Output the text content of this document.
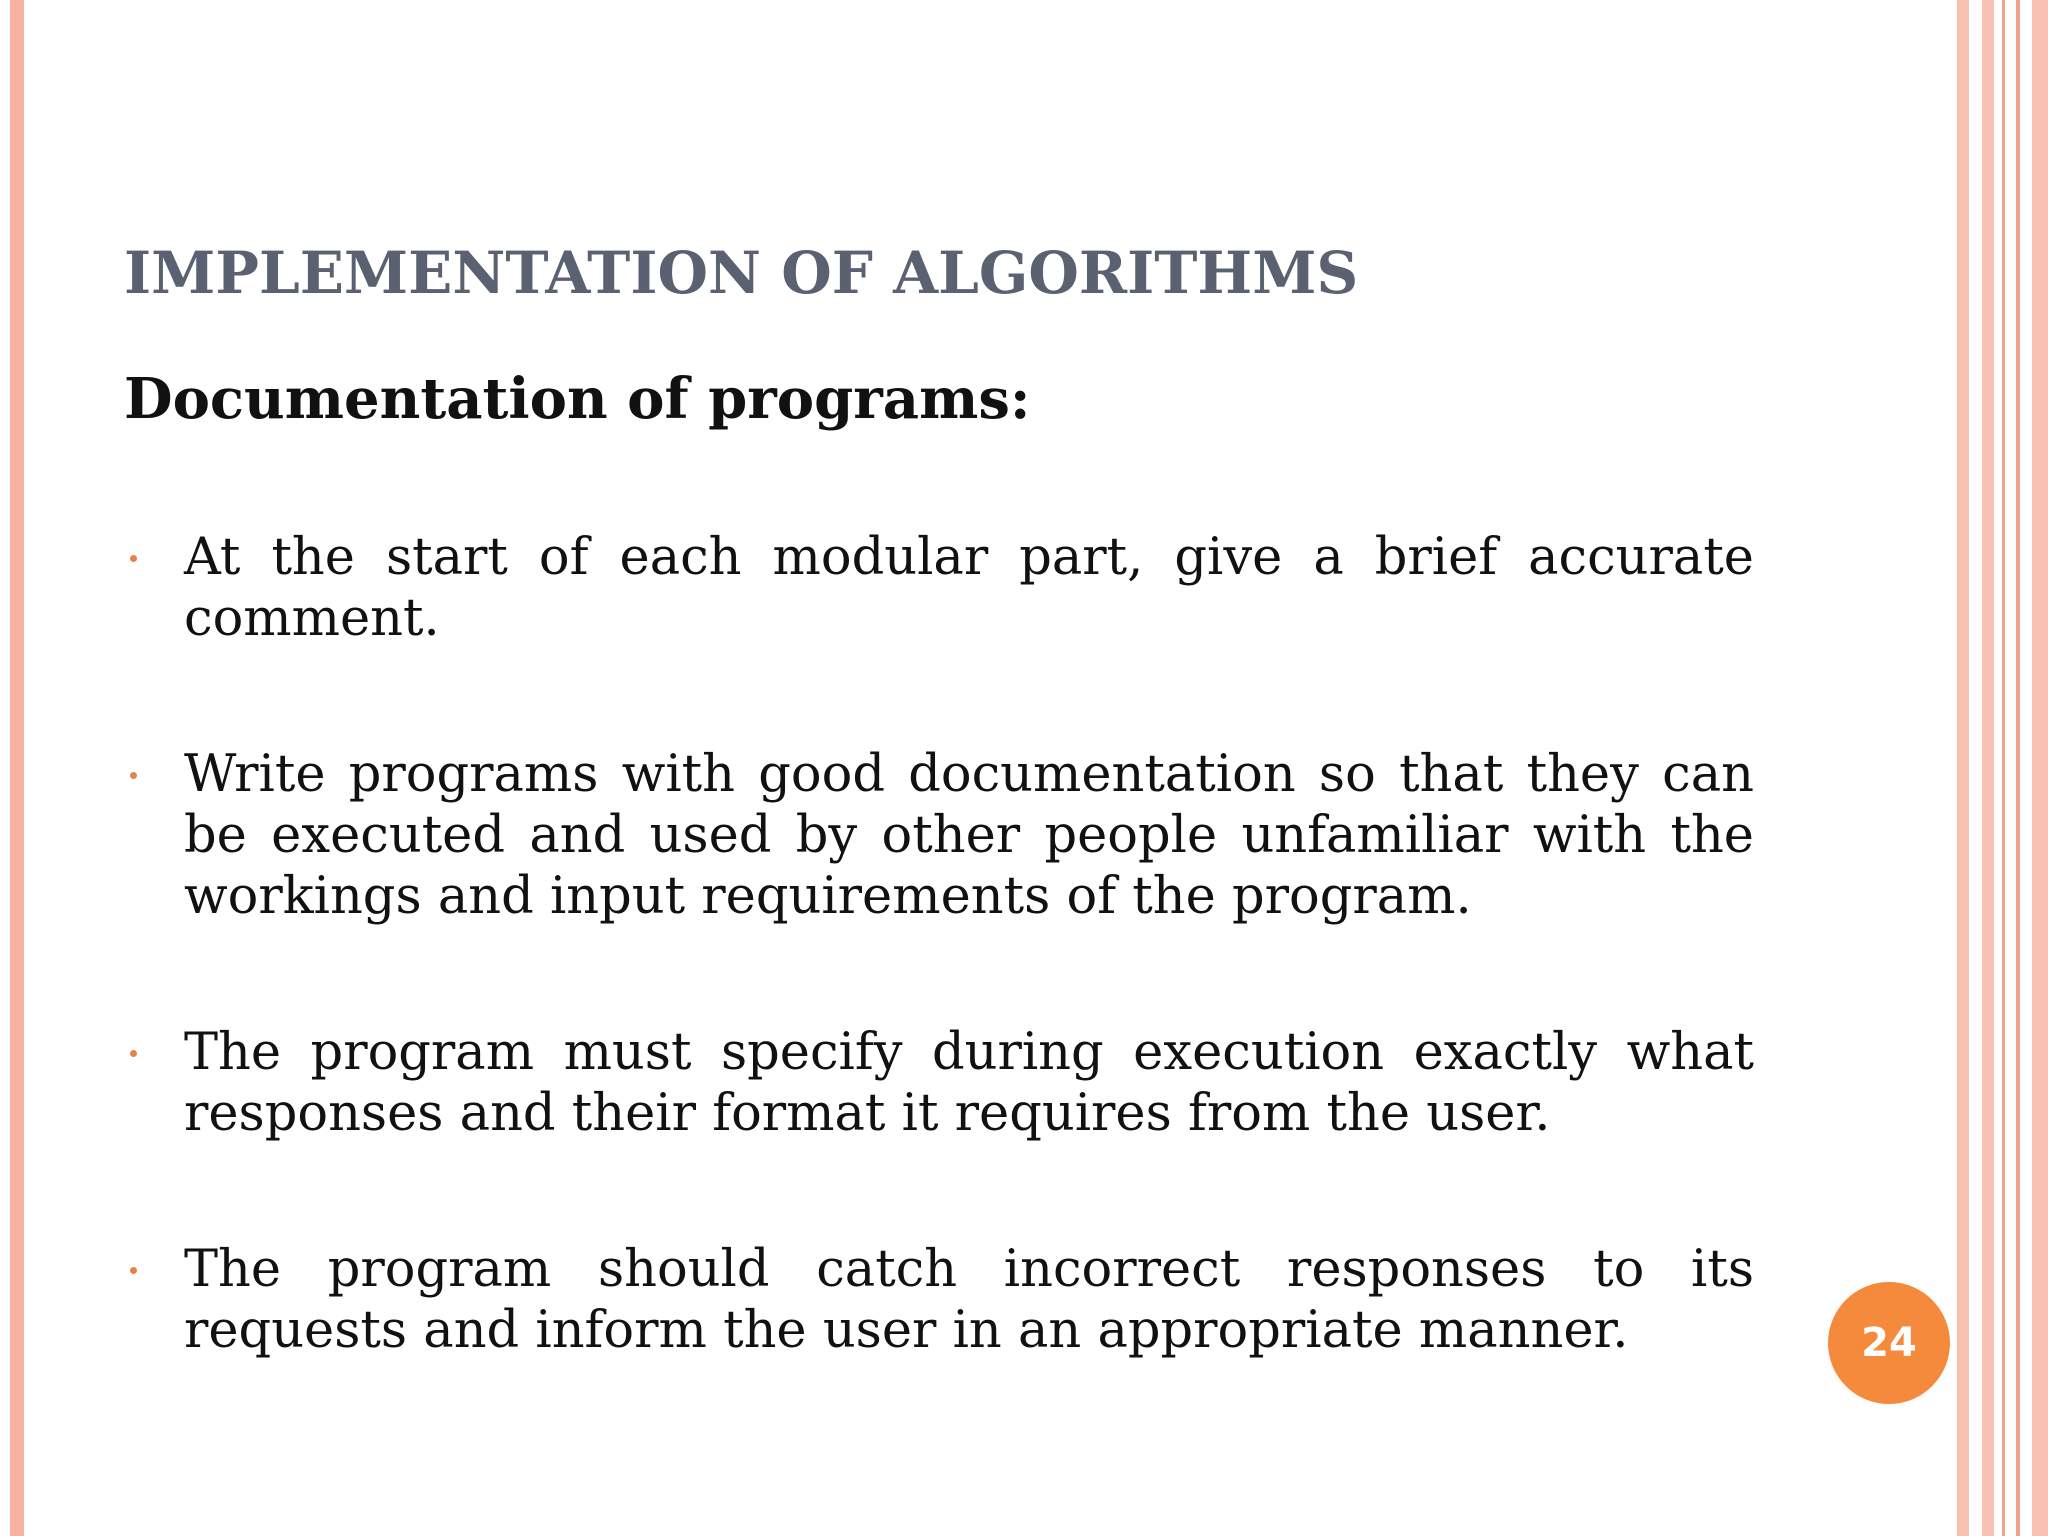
IMPLEMENTATION OF ALGORITHMS
Documentation of programs:
At the start of each modular part, give a brief accurate comment.
Write programs with good documentation so that they can be executed and used by other people unfamiliar with the workings and input requirements of the program.
The program must specify during execution exactly what responses and their format it requires from the user.
The program should catch incorrect responses to its requests and inform the user in an appropriate manner.	24
